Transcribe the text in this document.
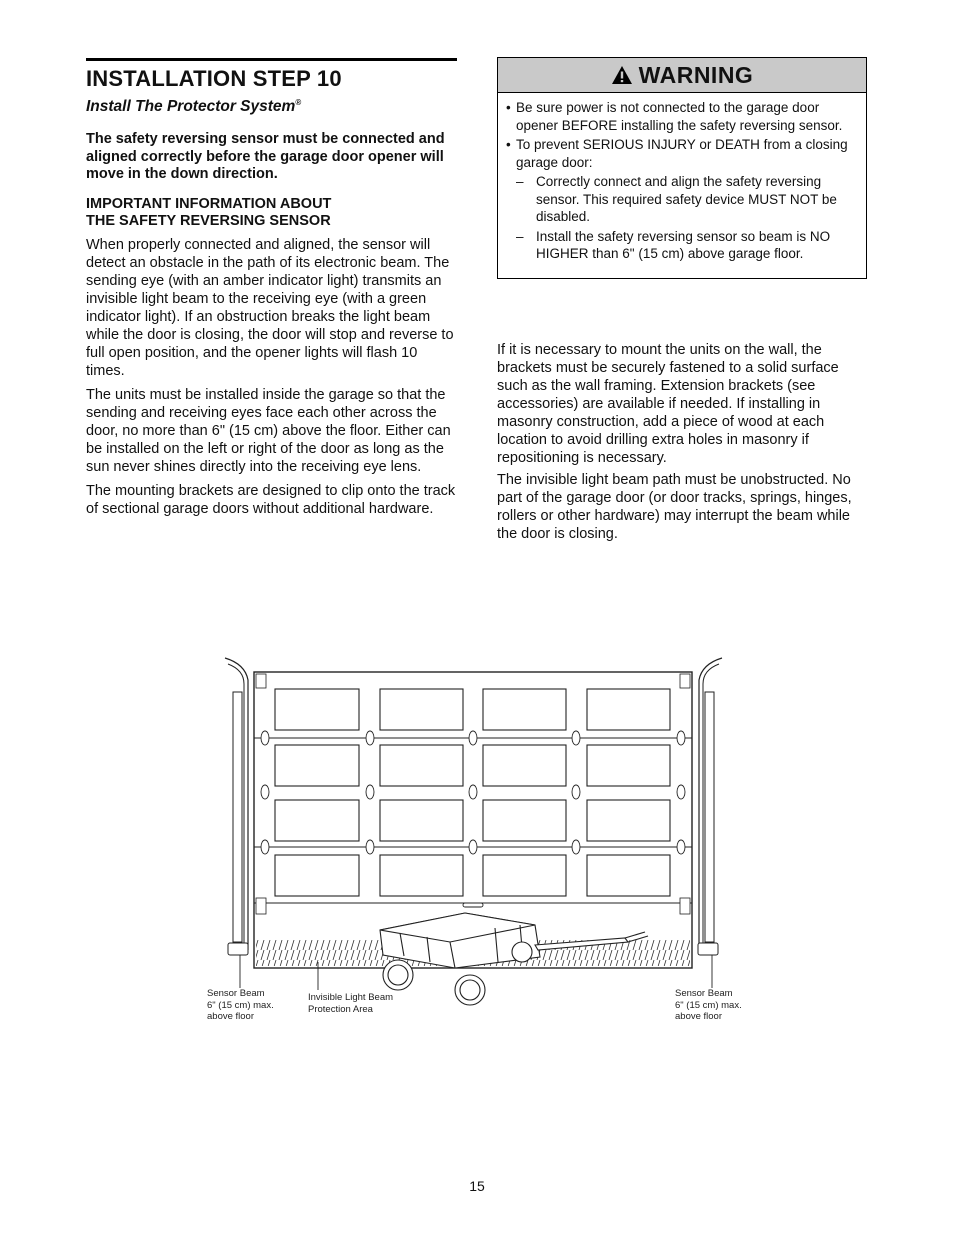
INSTALLATION STEP 10
Install The Protector System®

The safety reversing sensor must be connected and aligned correctly before the garage door opener will move in the down direction.

IMPORTANT INFORMATION ABOUT
THE SAFETY REVERSING SENSOR

When properly connected and aligned, the sensor will detect an obstacle in the path of its electronic beam. The sending eye (with an amber indicator light) transmits an invisible light beam to the receiving eye (with a green indicator light). If an obstruction breaks the light beam while the door is closing, the door will stop and reverse to full open position, and the opener lights will flash 10 times.

The units must be installed inside the garage so that the sending and receiving eyes face each other across the door, no more than 6" (15 cm) above the floor. Either can be installed on the left or right of the door as long as the sun never shines directly into the receiving eye lens.

The mounting brackets are designed to clip onto the track of sectional garage doors without additional hardware.

WARNING
• Be sure power is not connected to the garage door opener BEFORE installing the safety reversing sensor.
• To prevent SERIOUS INJURY or DEATH from a closing garage door:
– Correctly connect and align the safety reversing sensor. This required safety device MUST NOT be disabled.
– Install the safety reversing sensor so beam is NO HIGHER than 6" (15 cm) above garage floor.

If it is necessary to mount the units on the wall, the brackets must be securely fastened to a solid surface such as the wall framing. Extension brackets (see accessories) are available if needed. If installing in masonry construction, add a piece of wood at each location to avoid drilling extra holes in masonry if repositioning is necessary.

The invisible light beam path must be unobstructed. No part of the garage door (or door tracks, springs, hinges, rollers or other hardware) may interrupt the beam while the door is closing.

Sensor Beam
6" (15 cm) max.
above floor
Invisible Light Beam
Protection Area
Sensor Beam
6" (15 cm) max.
above floor
15
